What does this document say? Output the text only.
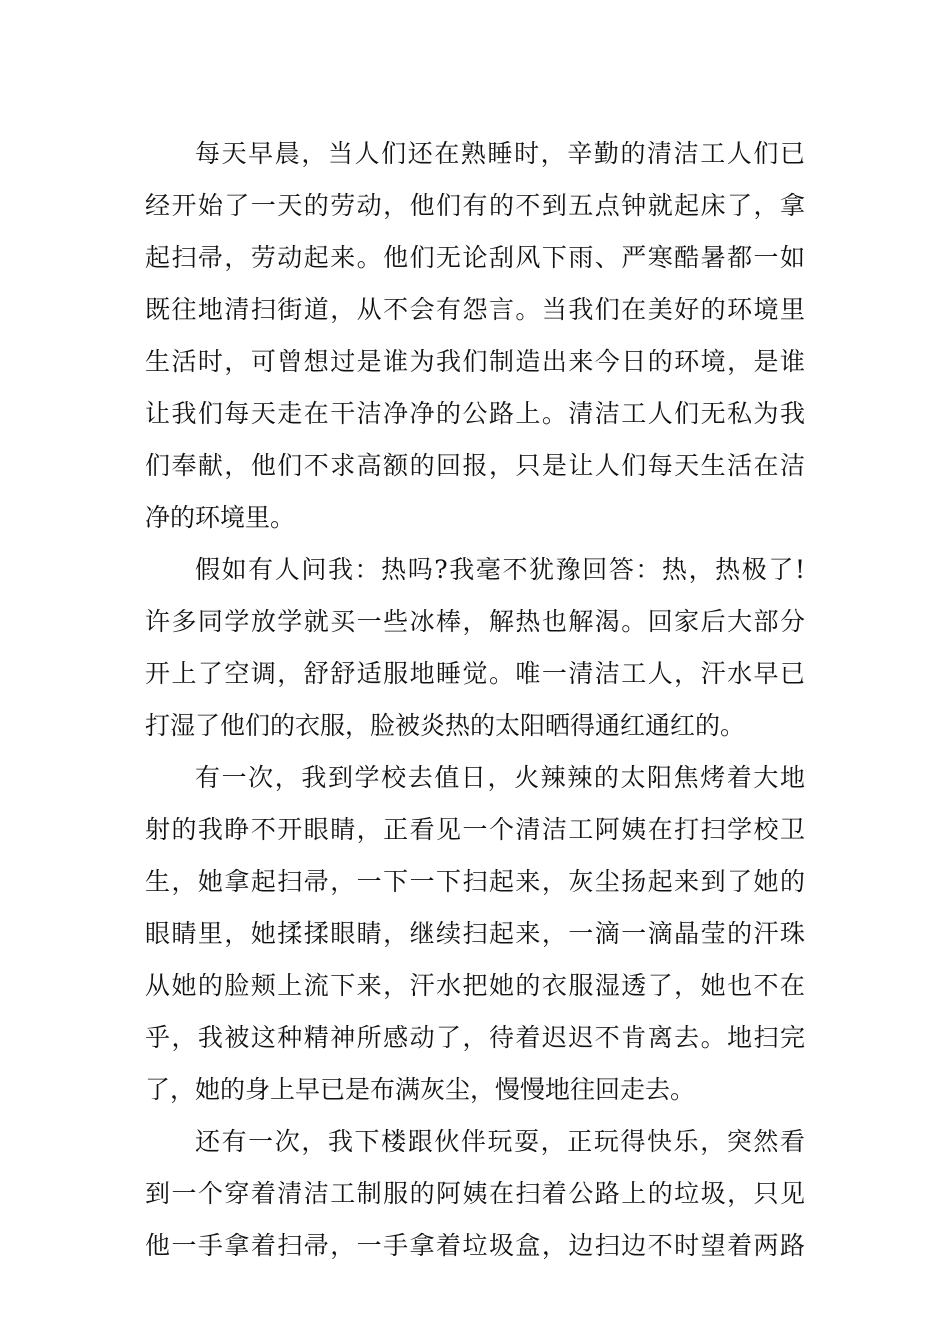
每天早晨，当人们还在熟睡时，辛勤的清洁工人们已
经开始了一天的劳动，他们有的不到五点钟就起床了，拿
起扫帚，劳动起来。他们无论刮风下雨、严寒酷暑都一如
既往地清扫街道，从不会有怨言。当我们在美好的环境里
生活时，可曾想过是谁为我们制造出来今日的环境，是谁
让我们每天走在干洁净净的公路上。清洁工人们无私为我
们奉献，他们不求高额的回报，只是让人们每天生活在洁
净的环境里。
假如有人问我：热吗?我毫不犹豫回答：热，热极了!
许多同学放学就买一些冰棒，解热也解渴。回家后大部分
开上了空调，舒舒适服地睡觉。唯一清洁工人，汗水早已
打湿了他们的衣服，脸被炎热的太阳晒得通红通红的。
有一次，我到学校去值日，火辣辣的太阳焦烤着大地
射的我睁不开眼睛，正看见一个清洁工阿姨在打扫学校卫
生，她拿起扫帚，一下一下扫起来，灰尘扬起来到了她的
眼睛里，她揉揉眼睛，继续扫起来，一滴一滴晶莹的汗珠
从她的脸颊上流下来，汗水把她的衣服湿透了，她也不在
乎，我被这种精神所感动了，待着迟迟不肯离去。地扫完
了，她的身上早已是布满灰尘，慢慢地往回走去。
还有一次，我下楼跟伙伴玩耍，正玩得快乐，突然看
到一个穿着清洁工制服的阿姨在扫着公路上的垃圾，只见
他一手拿着扫帚，一手拿着垃圾盒，边扫边不时望着两路
